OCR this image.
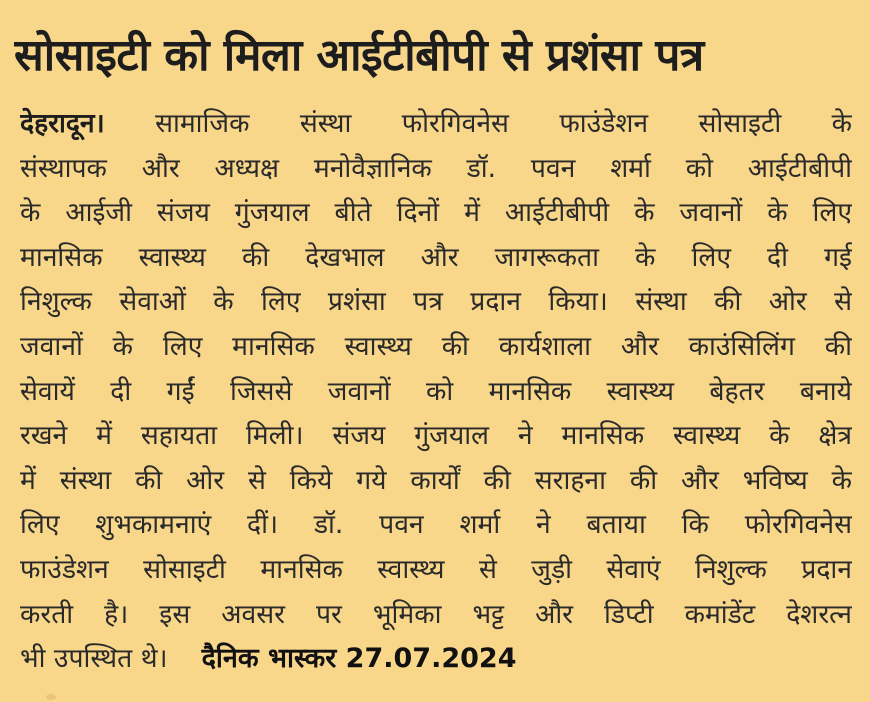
सोसाइटी को मिला आईटीबीपी से प्रशंसा पत्र
देहरादून। सामाजिक संस्था फोरगिवनेस फाउंडेशन सोसाइटी के
संस्थापक और अध्यक्ष मनोवैज्ञानिक डॉ. पवन शर्मा को आईटीबीपी
के आईजी संजय गुंजयाल बीते दिनों में आईटीबीपी के जवानों के लिए
मानसिक स्वास्थ्य की देखभाल और जागरूकता के लिए दी गई
निशुल्क सेवाओं के लिए प्रशंसा पत्र प्रदान किया। संस्था की ओर से
जवानों के लिए मानसिक स्वास्थ्य की कार्यशाला और काउंसिलिंग की
सेवायें दी गईं जिससे जवानों को मानसिक स्वास्थ्य बेहतर बनाये
रखने में सहायता मिली। संजय गुंजयाल ने मानसिक स्वास्थ्य के क्षेत्र
में संस्था की ओर से किये गये कार्यों की सराहना की और भविष्य के
लिए शुभकामनाएं दीं। डॉ. पवन शर्मा ने बताया कि फोरगिवनेस
फाउंडेशन सोसाइटी मानसिक स्वास्थ्य से जुड़ी सेवाएं निशुल्क प्रदान
करती है। इस अवसर पर भूमिका भट्ट और डिप्टी कमांडेंट देशरत्न
भी उपस्थित थे। दैनिक भास्कर 27.07.2024
